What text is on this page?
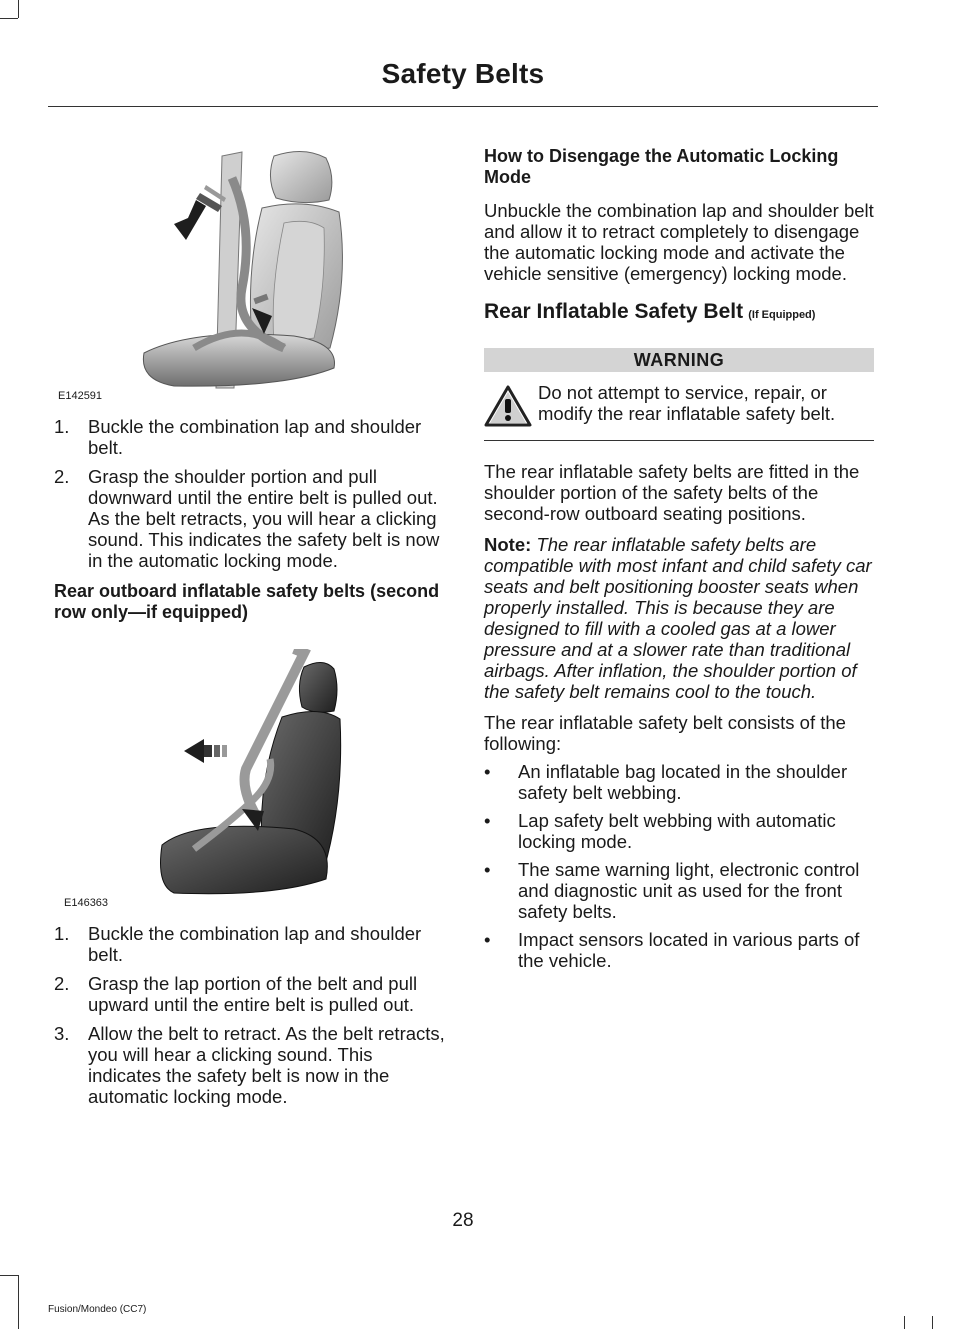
Safety Belts
E142591
1. Buckle the combination lap and shoulder belt.
2. Grasp the shoulder portion and pull downward until the entire belt is pulled out. As the belt retracts, you will hear a clicking sound. This indicates the safety belt is now in the automatic locking mode.

Rear outboard inflatable safety belts (second row only—if equipped)

E146363
1. Buckle the combination lap and shoulder belt.
2. Grasp the lap portion of the belt and pull upward until the entire belt is pulled out.
3. Allow the belt to retract. As the belt retracts, you will hear a clicking sound. This indicates the safety belt is now in the automatic locking mode.

How to Disengage the Automatic Locking Mode

Unbuckle the combination lap and shoulder belt and allow it to retract completely to disengage the automatic locking mode and activate the vehicle sensitive (emergency) locking mode.

Rear Inflatable Safety Belt (If Equipped)
WARNING
Do not attempt to service, repair, or modify the rear inflatable safety belt.

The rear inflatable safety belts are fitted in the shoulder portion of the safety belts of the second-row outboard seating positions.

Note: The rear inflatable safety belts are compatible with most infant and child safety car seats and belt positioning booster seats when properly installed. This is because they are designed to fill with a cooled gas at a lower pressure and at a slower rate than traditional airbags. After inflation, the shoulder portion of the safety belt remains cool to the touch.

The rear inflatable safety belt consists of the following:

• An inflatable bag located in the shoulder safety belt webbing.
• Lap safety belt webbing with automatic locking mode.
• The same warning light, electronic control and diagnostic unit as used for the front safety belts.
• Impact sensors located in various parts of the vehicle.
28
Fusion/Mondeo (CC7)
